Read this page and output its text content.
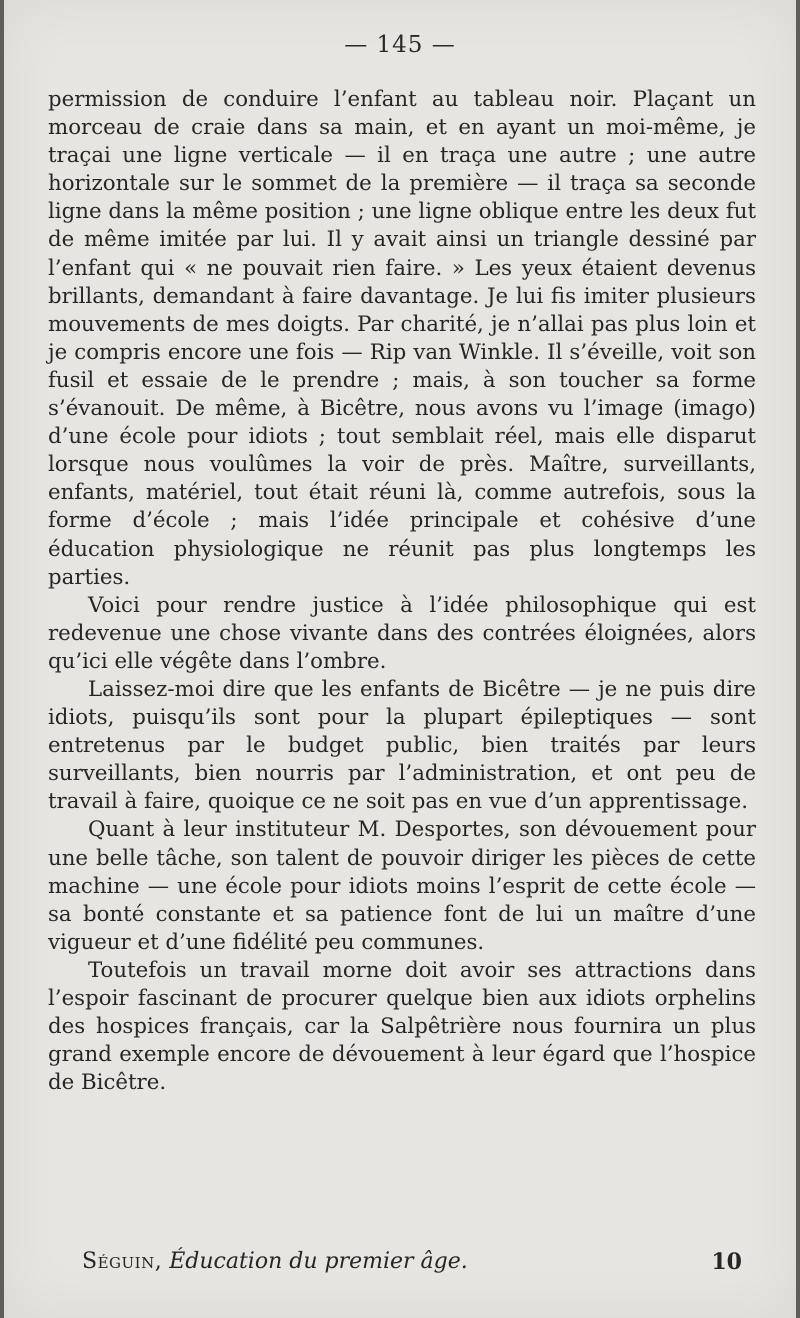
— 145 —

permission de conduire l’enfant au tableau noir. Plaçant un morceau de craie dans sa main, et en ayant un moi-même, je traçai une ligne verticale — il en traça une autre ; une autre horizontale sur le sommet de la première — il traça sa seconde ligne dans la même position ; une ligne oblique entre les deux fut de même imitée par lui. Il y avait ainsi un triangle dessiné par l’enfant qui « ne pouvait rien faire. » Les yeux étaient devenus brillants, demandant à faire davantage. Je lui fis imiter plusieurs mouvements de mes doigts. Par charité, je n’allai pas plus loin et je compris encore une fois — Rip van Winkle. Il s’éveille, voit son fusil et essaie de le prendre ; mais, à son toucher sa forme s’évanouit. De même, à Bicêtre, nous avons vu l’image (imago) d’une école pour idiots ; tout semblait réel, mais elle disparut lorsque nous voulûmes la voir de près. Maître, surveillants, enfants, matériel, tout était réuni là, comme autrefois, sous la forme d’école ; mais l’idée principale et cohésive d’une éducation physiologique ne réunit pas plus longtemps les parties.

Voici pour rendre justice à l’idée philosophique qui est redevenue une chose vivante dans des contrées éloignées, alors qu’ici elle végête dans l’ombre.

Laissez-moi dire que les enfants de Bicêtre — je ne puis dire idiots, puisqu’ils sont pour la plupart épileptiques — sont entretenus par le budget public, bien traités par leurs surveillants, bien nourris par l’administration, et ont peu de travail à faire, quoique ce ne soit pas en vue d’un apprentissage.

Quant à leur instituteur M. Desportes, son dévouement pour une belle tâche, son talent de pouvoir diriger les pièces de cette machine — une école pour idiots moins l’esprit de cette école — sa bonté constante et sa patience font de lui un maître d’une vigueur et d’une fidélité peu communes.

Toutefois un travail morne doit avoir ses attractions dans l’espoir fascinant de procurer quelque bien aux idiots orphelins des hospices français, car la Salpêtrière nous fournira un plus grand exemple encore de dévouement à leur égard que l’hospice de Bicêtre.

Séguin, Éducation du premier âge.	10
